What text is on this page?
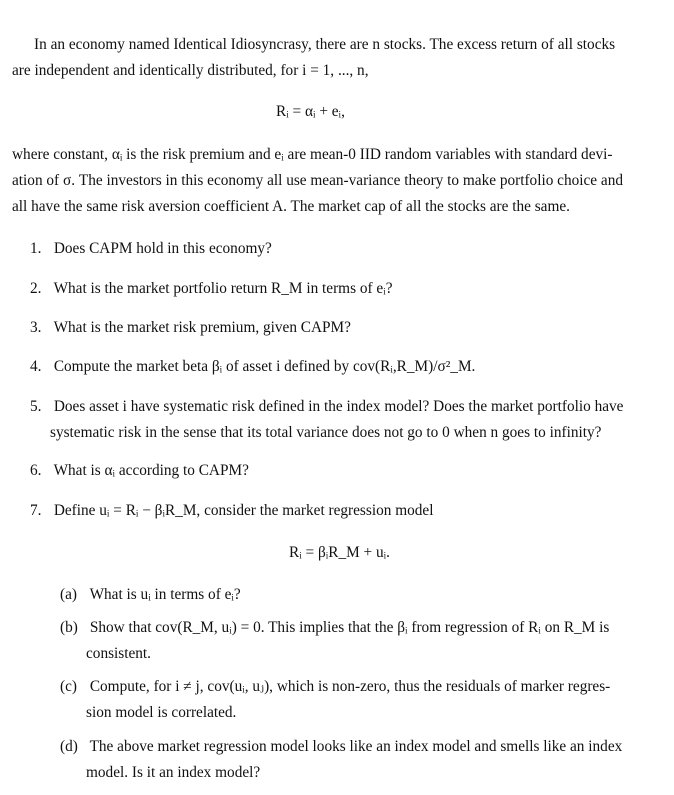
In an economy named Identical Idiosyncrasy, there are n stocks. The excess return of all stocks
are independent and identically distributed, for i = 1, ..., n,
Rᵢ = αᵢ + eᵢ,
where constant, αᵢ is the risk premium and eᵢ are mean-0 IID random variables with standard devi-
ation of σ. The investors in this economy all use mean-variance theory to make portfolio choice and
all have the same risk aversion coefficient A. The market cap of all the stocks are the same.
1. Does CAPM hold in this economy?
2. What is the market portfolio return R_M in terms of eᵢ?
3. What is the market risk premium, given CAPM?
4. Compute the market beta βᵢ of asset i defined by cov(Rᵢ,R_M)/σ²_M.
5. Does asset i have systematic risk defined in the index model? Does the market portfolio have
systematic risk in the sense that its total variance does not go to 0 when n goes to infinity?
6. What is αᵢ according to CAPM?
7. Define uᵢ = Rᵢ − βᵢR_M, consider the market regression model
Rᵢ = βᵢR_M + uᵢ.
(a) What is uᵢ in terms of eᵢ?
(b) Show that cov(R_M, uᵢ) = 0. This implies that the βᵢ from regression of Rᵢ on R_M is
consistent.
(c) Compute, for i ≠ j, cov(uᵢ, uⱼ), which is non-zero, thus the residuals of marker regres-
sion model is correlated.
(d) The above market regression model looks like an index model and smells like an index
model. Is it an index model?
